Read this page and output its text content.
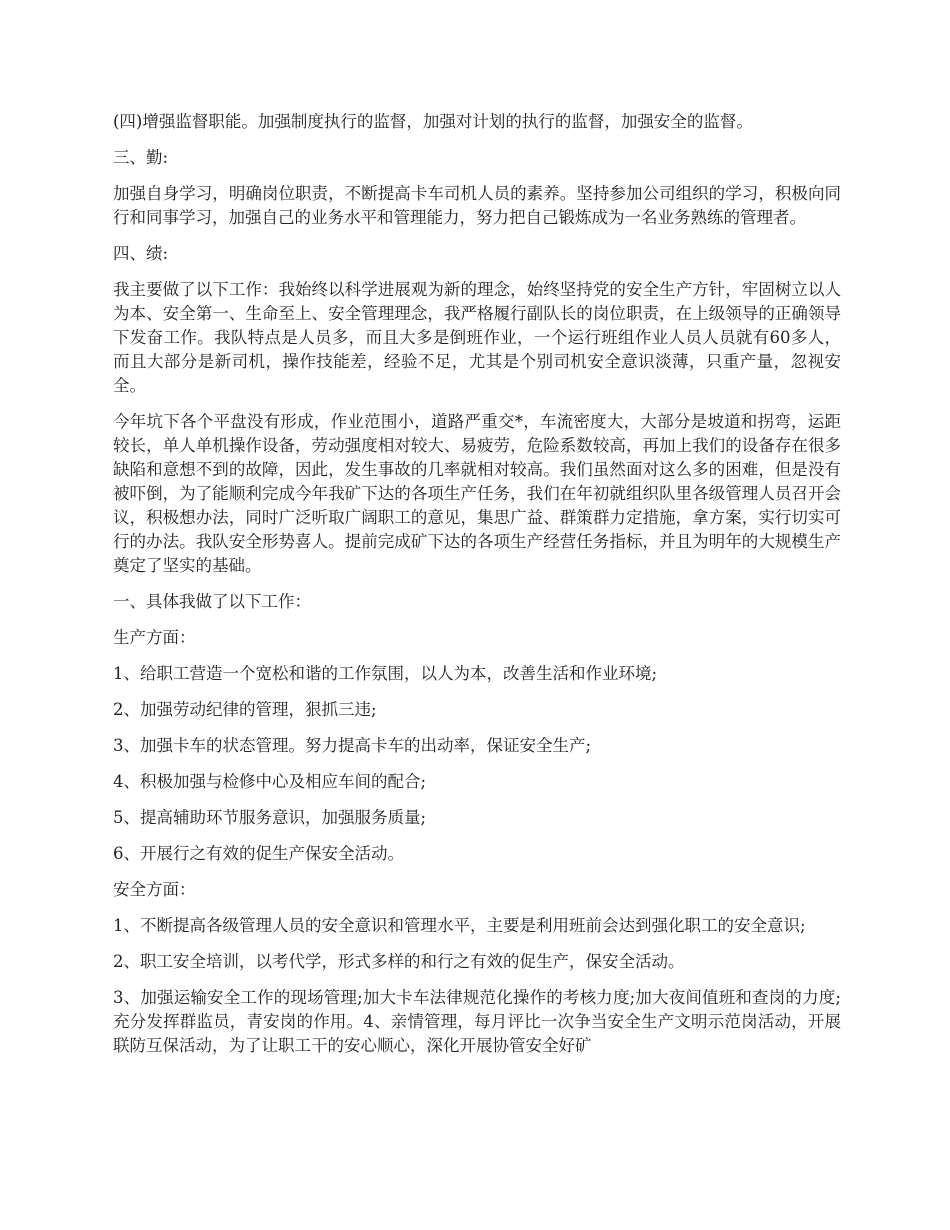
(四)增强监督职能。加强制度执行的监督，加强对计划的执行的监督，加强安全的监督。

三、勤:

加强自身学习，明确岗位职责，不断提高卡车司机人员的素养。坚持参加公司组织的学习，积极向同行和同事学习，加强自己的业务水平和管理能力，努力把自己锻炼成为一名业务熟练的管理者。

四、绩:

我主要做了以下工作：我始终以科学进展观为新的理念，始终坚持党的安全生产方针，牢固树立以人为本、安全第一、生命至上、安全管理理念，我严格履行副队长的岗位职责，在上级领导的正确领导下发奋工作。我队特点是人员多，而且大多是倒班作业，一个运行班组作业人员人员就有60多人，而且大部分是新司机，操作技能差，经验不足，尤其是个别司机安全意识淡薄，只重产量，忽视安全。

今年坑下各个平盘没有形成，作业范围小，道路严重交*，车流密度大，大部分是坡道和拐弯，运距较长，单人单机操作设备，劳动强度相对较大、易疲劳，危险系数较高，再加上我们的设备存在很多缺陷和意想不到的故障，因此，发生事故的几率就相对较高。我们虽然面对这么多的困难，但是没有被吓倒，为了能顺利完成今年我矿下达的各项生产任务，我们在年初就组织队里各级管理人员召开会议，积极想办法，同时广泛听取广阔职工的意见，集思广益、群策群力定措施，拿方案，实行切实可行的办法。我队安全形势喜人。提前完成矿下达的各项生产经营任务指标，并且为明年的大规模生产奠定了坚实的基础。

一、具体我做了以下工作：

生产方面：

1、给职工营造一个宽松和谐的工作氛围，以人为本，改善生活和作业环境;

2、加强劳动纪律的管理，狠抓三违;

3、加强卡车的状态管理。努力提高卡车的出动率，保证安全生产;

4、积极加强与检修中心及相应车间的配合;

5、提高辅助环节服务意识，加强服务质量;

6、开展行之有效的促生产保安全活动。

安全方面：

1、不断提高各级管理人员的安全意识和管理水平，主要是利用班前会达到强化职工的安全意识;

2、职工安全培训，以考代学，形式多样的和行之有效的促生产，保安全活动。

3、加强运输安全工作的现场管理;加大卡车法律规范化操作的考核力度;加大夜间值班和查岗的力度;充分发挥群监员，青安岗的作用。4、亲情管理，每月评比一次争当安全生产文明示范岗活动，开展联防互保活动，为了让职工干的安心顺心，深化开展协管安全好矿
